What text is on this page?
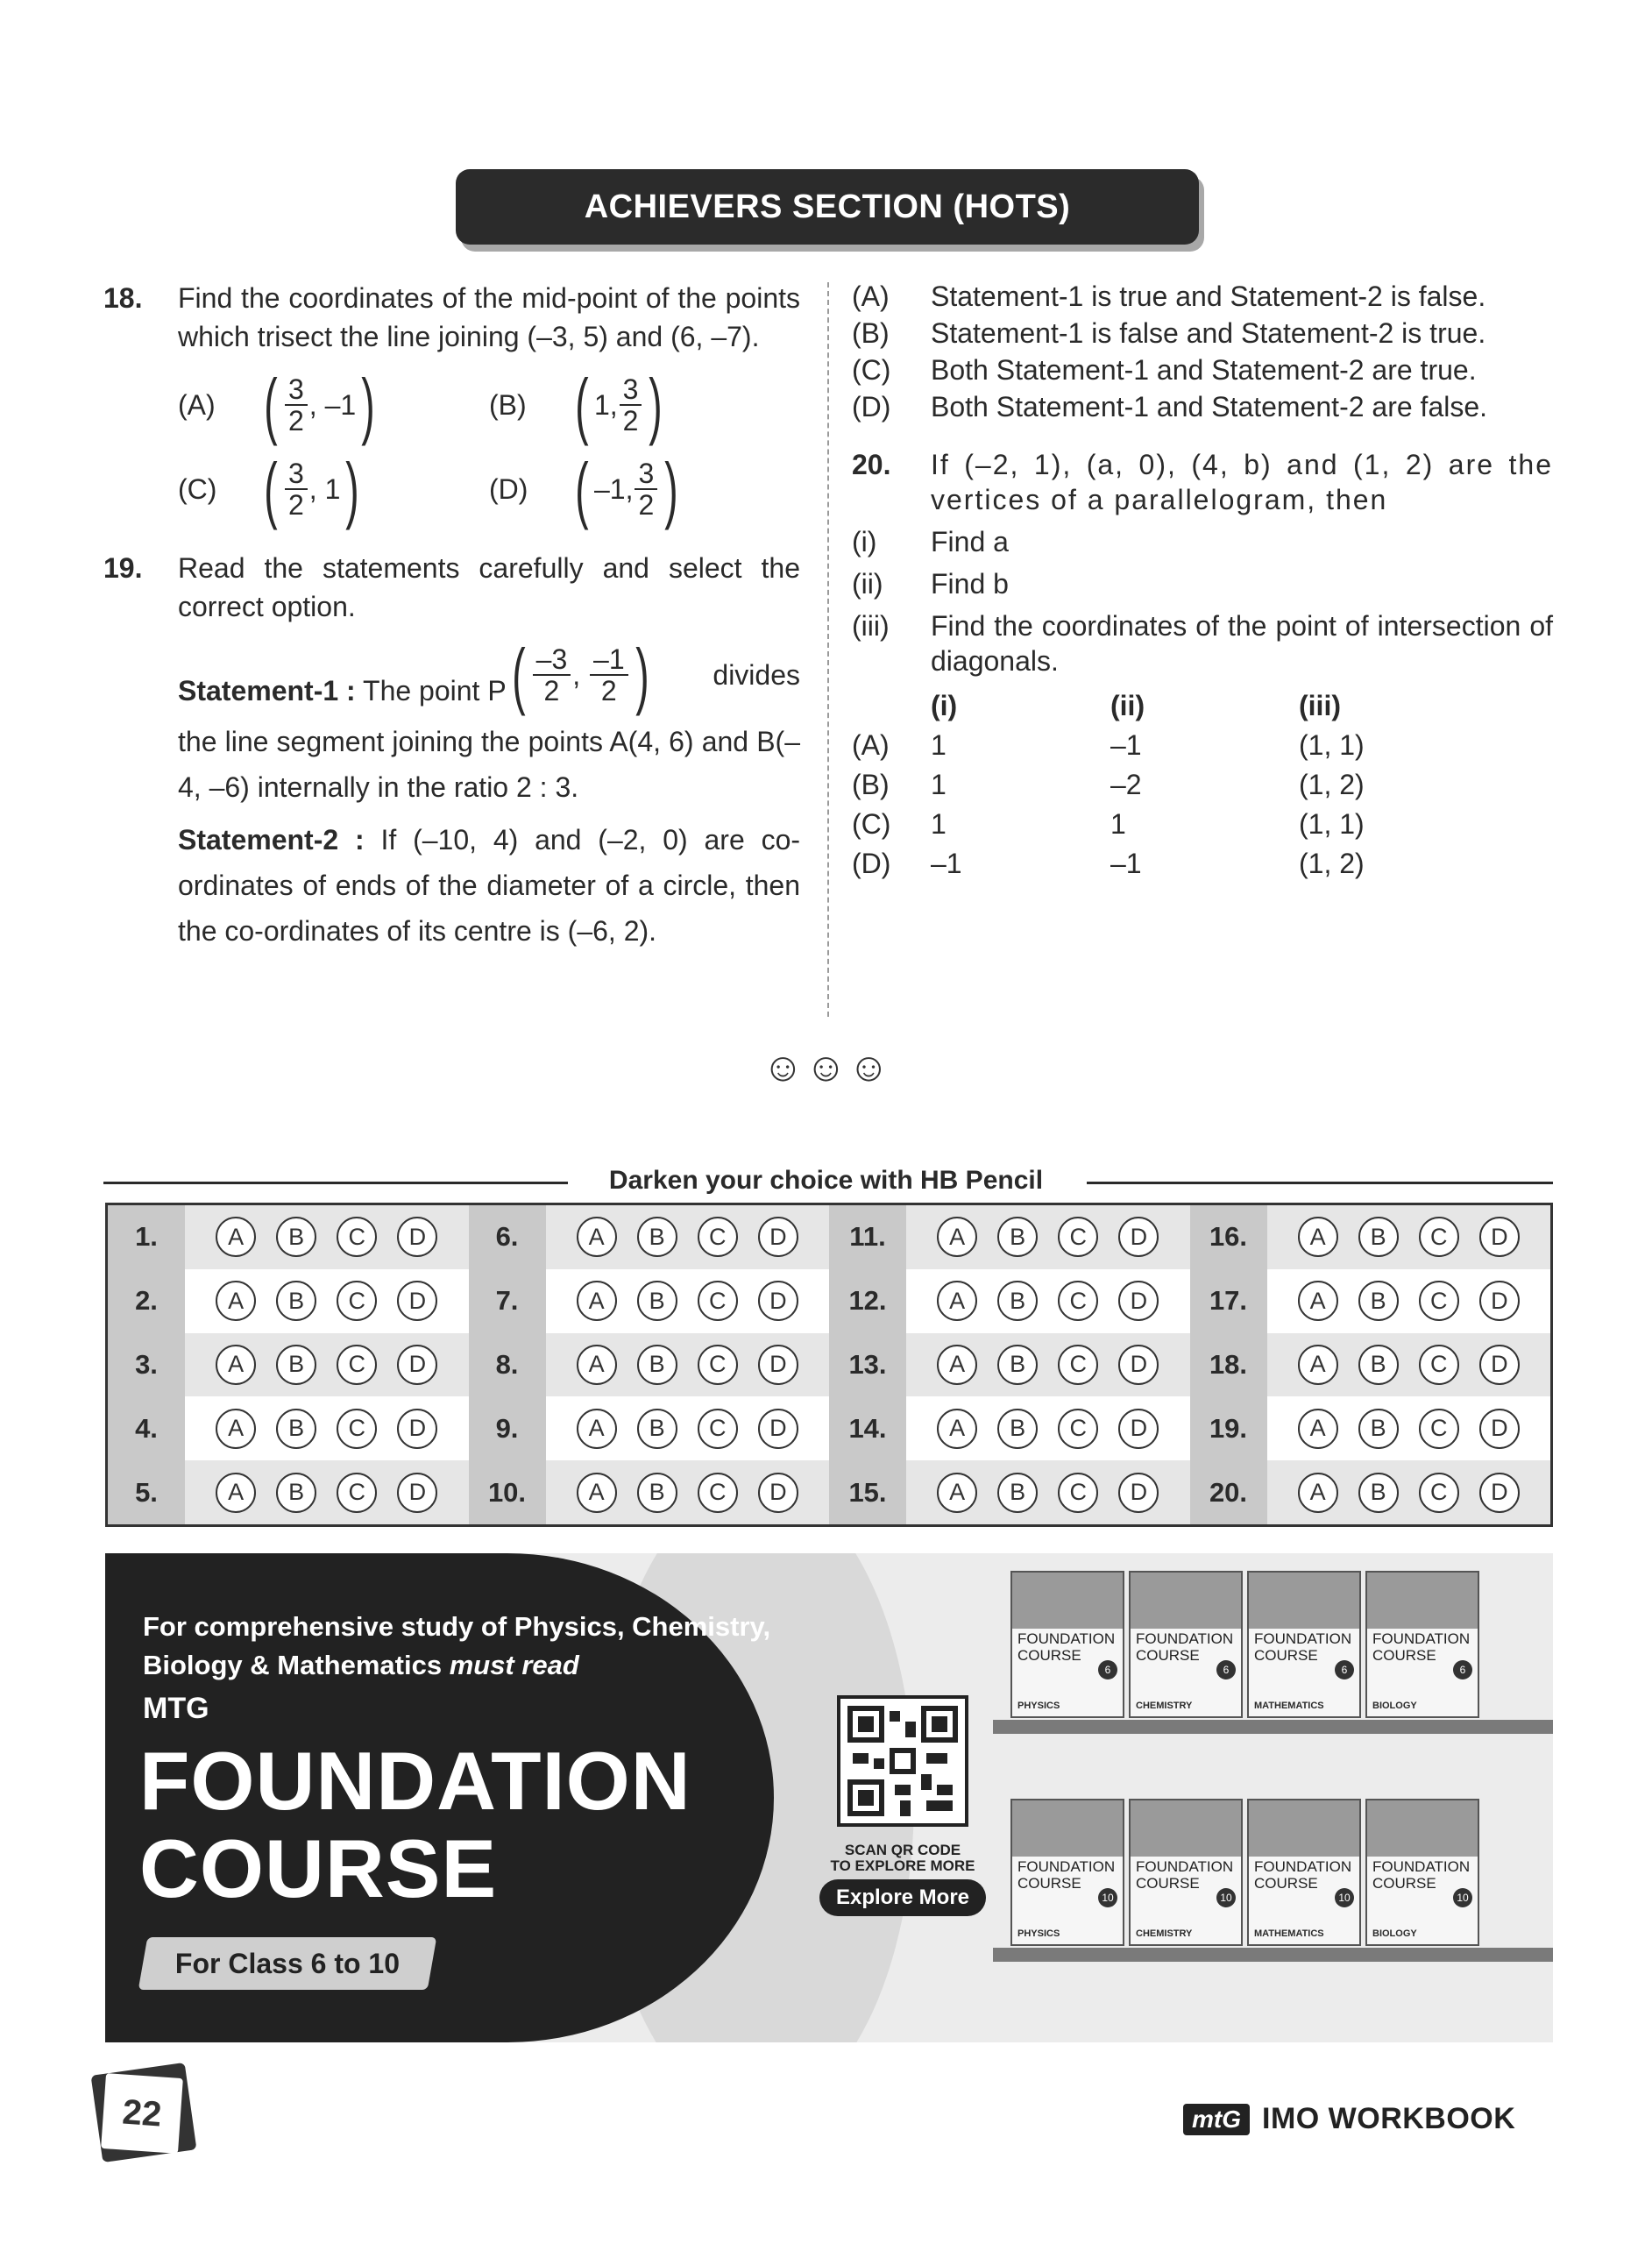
ACHIEVERS SECTION (HOTS)
18. Find the coordinates of the mid-point of the points which trisect the line joining (–3, 5) and (6, –7).
(A) ( $\frac{3}{2}$ , –1 )	(B) ( 1, $\frac{3}{2}$ )
(C) ( $\frac{3}{2}$ , 1 )	(D) ( –1, $\frac{3}{2}$ )
19. Read the statements carefully and select the correct option.
Statement-1 : The point P ( $\frac{-3}{2}$ , $\frac{-1}{2}$ ) divides
the line segment joining the points A(4, 6) and B(–4, –6) internally in the ratio 2 : 3.
Statement-2 : If (–10, 4) and (–2, 0) are co-ordinates of ends of the diameter of a circle, then the co-ordinates of its centre is (–6, 2).
(A) Statement-1 is true and Statement-2 is false.
(B) Statement-1 is false and Statement-2 is true.
(C) Both Statement-1 and Statement-2 are true.
(D) Both Statement-1 and Statement-2 are false.
20. If (–2, 1), (a, 0), (4, b) and (1, 2) are the vertices of a parallelogram, then
(i) Find a
(ii) Find b
(iii) Find the coordinates of the point of intersection of diagonals.
	(i)	(ii)	(iii)
(A)	1	–1	(1, 1)
(B)	1	–2	(1, 2)
(C)	1	1	(1, 1)
(D)	–1	–1	(1, 2)
☺☺☺
Darken your choice with HB Pencil
1.	A	B	C	D
2.	A	B	C	D
3.	A	B	C	D
4.	A	B	C	D
5.	A	B	C	D
6.	A	B	C	D
7.	A	B	C	D
8.	A	B	C	D
9.	A	B	C	D
10.	A	B	C	D
11.	A	B	C	D
12.	A	B	C	D
13.	A	B	C	D
14.	A	B	C	D
15.	A	B	C	D
16.	A	B	C	D
17.	A	B	C	D
18.	A	B	C	D
19.	A	B	C	D
20.	A	B	C	D
For comprehensive study of Physics, Chemistry,
Biology & Mathematics must read
MTG
FOUNDATION
COURSE
For Class 6 to 10
SCAN QR CODE
TO EXPLORE MORE
Explore More
FOUNDATION
COURSE
6
PHYSICS
FOUNDATION
COURSE
6
CHEMISTRY
FOUNDATION
COURSE
6
MATHEMATICS
FOUNDATION
COURSE
6
BIOLOGY
FOUNDATION
COURSE
10
PHYSICS
FOUNDATION
COURSE
10
CHEMISTRY
FOUNDATION
COURSE
10
MATHEMATICS
FOUNDATION
COURSE
10
BIOLOGY
22	mtG IMO WORKBOOK
